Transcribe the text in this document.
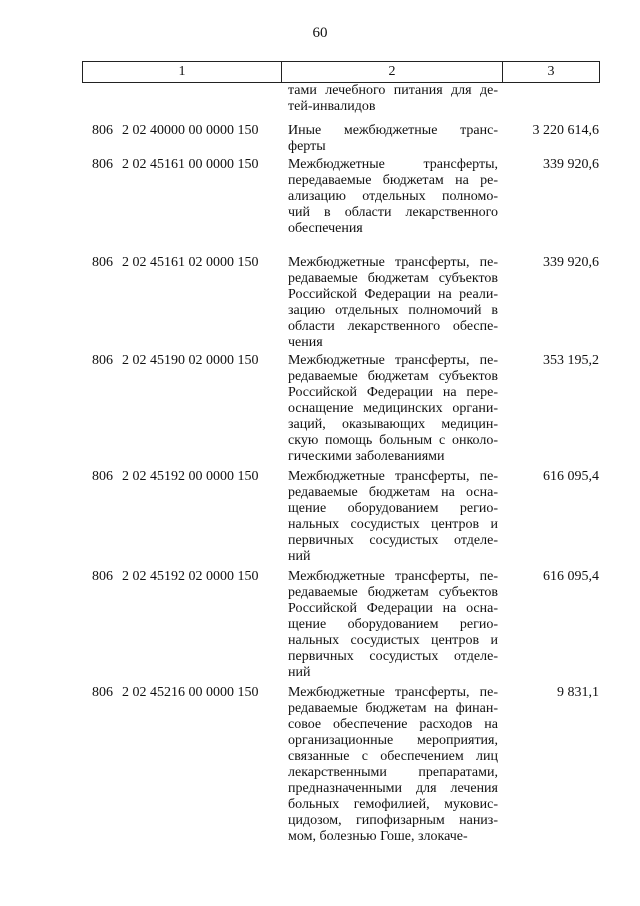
60
1	2	3
тами лечебного питания для де-
тей-инвалидов
806 2 02 40000 00 0000 150 Иные межбюджетные транс-
ферты
3 220 614,6
806 2 02 45161 00 0000 150 Межбюджетные трансферты,
передаваемые бюджетам на ре-
ализацию отдельных полномо-
чий в области лекарственного
обеспечения
339 920,6
806 2 02 45161 02 0000 150 Межбюджетные трансферты, пе-
редаваемые бюджетам субъектов
Российской Федерации на реали-
зацию отдельных полномочий в
области лекарственного обеспе-
чения
339 920,6
806 2 02 45190 02 0000 150 Межбюджетные трансферты, пе-
редаваемые бюджетам субъектов
Российской Федерации на пере-
оснащение медицинских органи-
заций, оказывающих медицин-
скую помощь больным с онколо-
гическими заболеваниями
353 195,2
806 2 02 45192 00 0000 150 Межбюджетные трансферты, пе-
редаваемые бюджетам на осна-
щение оборудованием регио-
нальных сосудистых центров и
первичных сосудистых отделе-
ний
616 095,4
806 2 02 45192 02 0000 150 Межбюджетные трансферты, пе-
редаваемые бюджетам субъектов
Российской Федерации на осна-
щение оборудованием регио-
нальных сосудистых центров и
первичных сосудистых отделе-
ний
616 095,4
806 2 02 45216 00 0000 150 Межбюджетные трансферты, пе-
редаваемые бюджетам на финан-
совое обеспечение расходов на
организационные мероприятия,
связанные с обеспечением лиц
лекарственными препаратами,
предназначенными для лечения
больных гемофилией, муковис-
цидозом, гипофизарным наниз-
мом, болезнью Гоше, злокаче-
9 831,1
